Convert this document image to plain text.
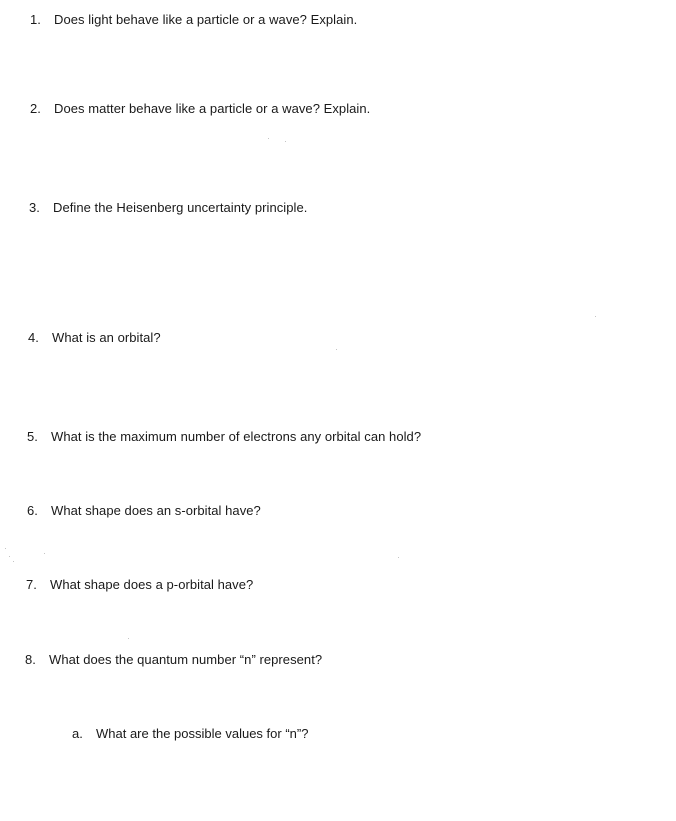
1. Does light behave like a particle or a wave? Explain.
2. Does matter behave like a particle or a wave? Explain.
3. Define the Heisenberg uncertainty principle.
4. What is an orbital?
5. What is the maximum number of electrons any orbital can hold?
6. What shape does an s-orbital have?
7. What shape does a p-orbital have?
8. What does the quantum number “n” represent?
a. What are the possible values for “n”?
